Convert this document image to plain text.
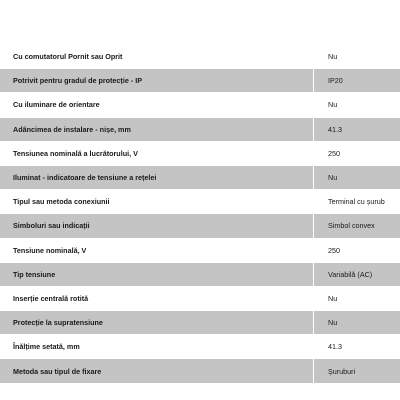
Cu comutatorul Pornit sau Oprit	Nu
Potrivit pentru gradul de protecție - IP	IP20
Cu iluminare de orientare	Nu
Adâncimea de instalare - nișe, mm	41.3
Tensiunea nominală a lucrătorului, V	250
Iluminat - indicatoare de tensiune a rețelei	Nu
Tipul sau metoda conexiunii	Terminal cu șurub
Simboluri sau indicații	Simbol convex
Tensiune nominală, V	250
Tip tensiune	Variabilă (AC)
Inserție centrală rotită	Nu
Protecție la supratensiune	Nu
Înălțime setată, mm	41.3
Metoda sau tipul de fixare	Șuruburi
